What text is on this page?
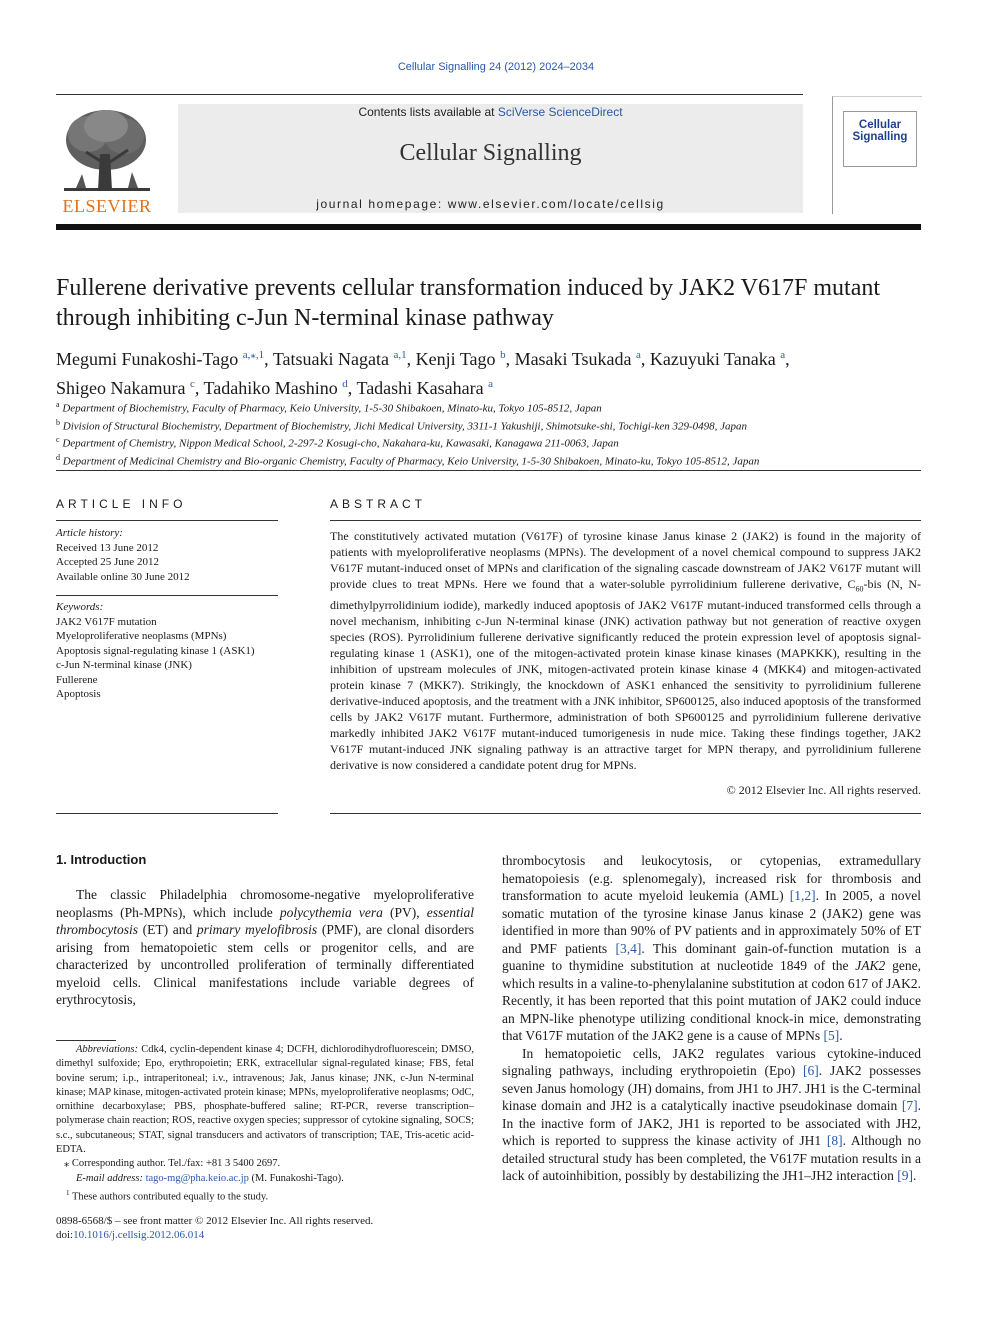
Cellular Signalling 24 (2012) 2024–2034
ELSEVIER
Contents lists available at SciVerse ScienceDirect
Cellular Signalling
journal homepage: www.elsevier.com/locate/cellsig
Cellular Signalling
Fullerene derivative prevents cellular transformation induced by JAK2 V617F mutant through inhibiting c-Jun N-terminal kinase pathway
Megumi Funakoshi-Tago $^{a,⁎,1}$, Tatsuaki Nagata $^{a,1}$, Kenji Tago $^b$, Masaki Tsukada $^a$, Kazuyuki Tanaka $^a$,
Shigeo Nakamura $^c$, Tadahiko Mashino $^d$, Tadashi Kasahara $^a$
$^a$ Department of Biochemistry, Faculty of Pharmacy, Keio University, 1-5-30 Shibakoen, Minato-ku, Tokyo 105-8512, Japan
$^b$ Division of Structural Biochemistry, Department of Biochemistry, Jichi Medical University, 3311-1 Yakushiji, Shimotsuke-shi, Tochigi-ken 329-0498, Japan
$^c$ Department of Chemistry, Nippon Medical School, 2-297-2 Kosugi-cho, Nakahara-ku, Kawasaki, Kanagawa 211-0063, Japan
$^d$ Department of Medicinal Chemistry and Bio-organic Chemistry, Faculty of Pharmacy, Keio University, 1-5-30 Shibakoen, Minato-ku, Tokyo 105-8512, Japan
ARTICLE INFO
Article history:
Received 13 June 2012
Accepted 25 June 2012
Available online 30 June 2012
Keywords:
JAK2 V617F mutation
Myeloproliferative neoplasms (MPNs)
Apoptosis signal-regulating kinase 1 (ASK1)
c-Jun N-terminal kinase (JNK)
Fullerene
Apoptosis
ABSTRACT
The constitutively activated mutation (V617F) of tyrosine kinase Janus kinase 2 (JAK2) is found in the majority of patients with myeloproliferative neoplasms (MPNs). The development of a novel chemical compound to suppress JAK2 V617F mutant-induced onset of MPNs and clarification of the signaling cascade downstream of JAK2 V617F mutant will provide clues to treat MPNs. Here we found that a water-soluble pyrrolidinium fullerene derivative, $C_{60}$-bis (N, N-dimethylpyrrolidinium iodide), markedly induced apoptosis of JAK2 V617F mutant-induced transformed cells through a novel mechanism, inhibiting c-Jun N-terminal kinase (JNK) activation pathway but not generation of reactive oxygen species (ROS). Pyrrolidinium fullerene derivative significantly reduced the protein expression level of apoptosis signal-regulating kinase 1 (ASK1), one of the mitogen-activated protein kinase kinase kinases (MAPKKK), resulting in the inhibition of upstream molecules of JNK, mitogen-activated protein kinase kinase 4 (MKK4) and mitogen-activated protein kinase 7 (MKK7). Strikingly, the knockdown of ASK1 enhanced the sensitivity to pyrrolidinium fullerene derivative-induced apoptosis, and the treatment with a JNK inhibitor, SP600125, also induced apoptosis of the transformed cells by JAK2 V617F mutant. Furthermore, administration of both SP600125 and pyrrolidinium fullerene derivative markedly inhibited JAK2 V617F mutant-induced tumorigenesis in nude mice. Taking these findings together, JAK2 V617F mutant-induced JNK signaling pathway is an attractive target for MPN therapy, and pyrrolidinium fullerene derivative is now considered a candidate potent drug for MPNs.
© 2012 Elsevier Inc. All rights reserved.
1. Introduction
The classic Philadelphia chromosome-negative myeloproliferative neoplasms (Ph-MPNs), which include polycythemia vera (PV), essential thrombocytosis (ET) and primary myelofibrosis (PMF), are clonal disorders arising from hematopoietic stem cells or progenitor cells, and are characterized by uncontrolled proliferation of terminally differentiated myeloid cells. Clinical manifestations include variable degrees of erythrocytosis,

thrombocytosis and leukocytosis, or cytopenias, extramedullary hematopoiesis (e.g. splenomegaly), increased risk for thrombosis and transformation to acute myeloid leukemia (AML) [1,2]. In 2005, a novel somatic mutation of the tyrosine kinase Janus kinase 2 (JAK2) gene was identified in more than 90% of PV patients and in approximately 50% of ET and PMF patients [3,4]. This dominant gain-of-function mutation is a guanine to thymidine substitution at nucleotide 1849 of the JAK2 gene, which results in a valine-to-phenylalanine substitution at codon 617 of JAK2. Recently, it has been reported that this point mutation of JAK2 could induce an MPN-like phenotype utilizing conditional knock-in mice, demonstrating that V617F mutation of the JAK2 gene is a cause of MPNs [5].

In hematopoietic cells, JAK2 regulates various cytokine-induced signaling pathways, including erythropoietin (Epo) [6]. JAK2 possesses seven Janus homology (JH) domains, from JH1 to JH7. JH1 is the C-terminal kinase domain and JH2 is a catalytically inactive pseudokinase domain [7]. In the inactive form of JAK2, JH1 is reported to be associated with JH2, which is reported to suppress the kinase activity of JH1 [8]. Although no detailed structural study has been completed, the V617F mutation results in a lack of autoinhibition, possibly by destabilizing the JH1–JH2 interaction [9].

Abbreviations: Cdk4, cyclin-dependent kinase 4; DCFH, dichlorodihydrofluorescein; DMSO, dimethyl sulfoxide; Epo, erythropoietin; ERK, extracellular signal-regulated kinase; FBS, fetal bovine serum; i.p., intraperitoneal; i.v., intravenous; Jak, Janus kinase; JNK, c-Jun N-terminal kinase; MAP kinase, mitogen-activated protein kinase; MPNs, myeloproliferative neoplasms; OdC, ornithine decarboxylase; PBS, phosphate-buffered saline; RT-PCR, reverse transcription–polymerase chain reaction; ROS, reactive oxygen species; suppressor of cytokine signaling, SOCS; s.c., subcutaneous; STAT, signal transducers and activators of transcription; TAE, Tris-acetic acid-EDTA.

⁎ Corresponding author. Tel./fax: +81 3 5400 2697.

E-mail address: tago-mg@pha.keio.ac.jp (M. Funakoshi-Tago).

$^1$ These authors contributed equally to the study.

0898-6568/$ – see front matter © 2012 Elsevier Inc. All rights reserved.
doi:10.1016/j.cellsig.2012.06.014
